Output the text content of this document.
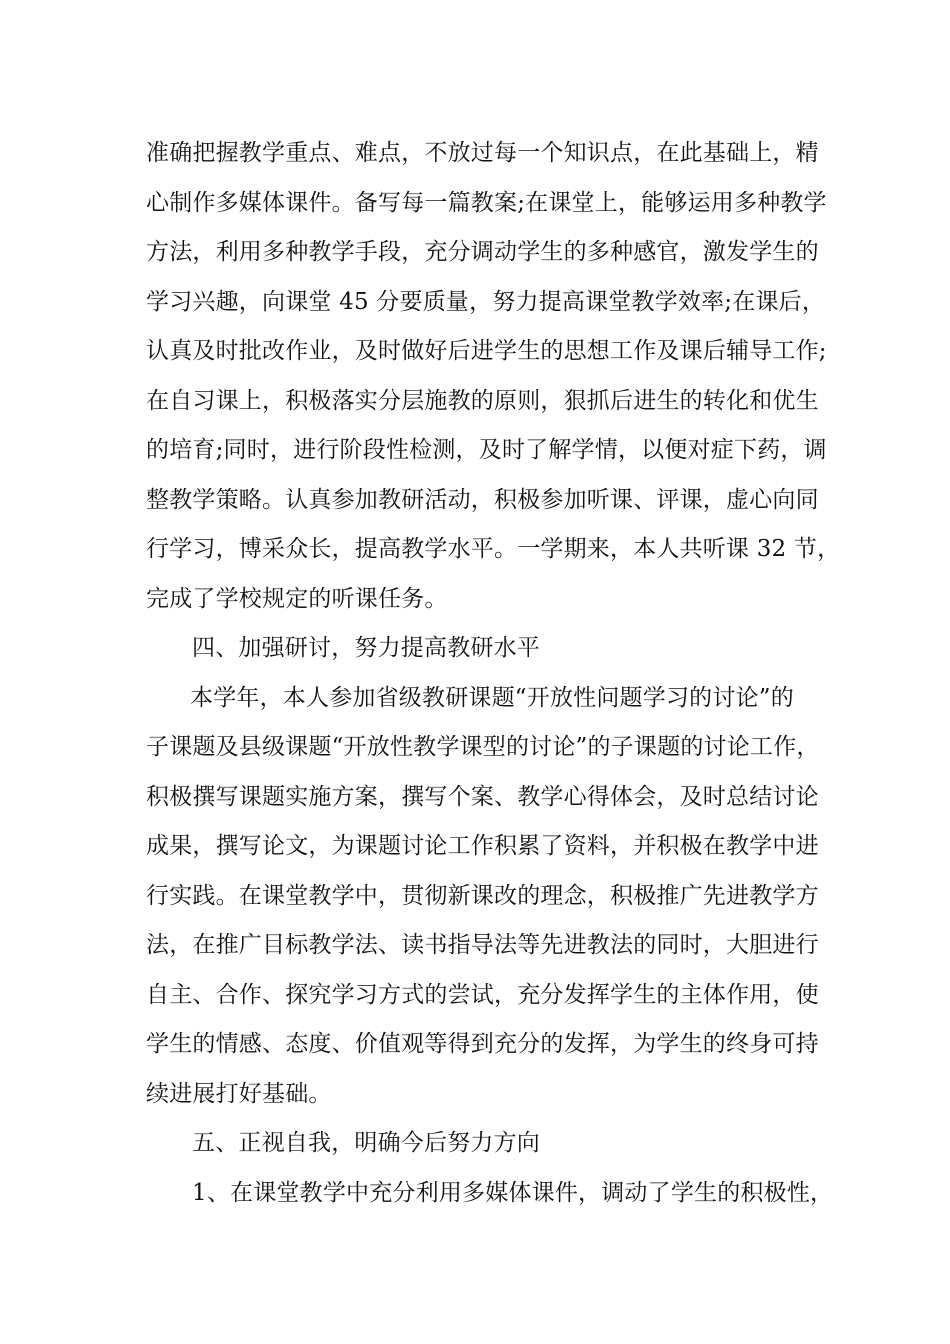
准确把握教学重点、难点，不放过每一个知识点，在此基础上，精
心制作多媒体课件。备写每一篇教案;在课堂上，能够运用多种教学
方法，利用多种教学手段，充分调动学生的多种感官，激发学生的
学习兴趣，向课堂 45 分要质量，努力提高课堂教学效率;在课后，
认真及时批改作业，及时做好后进学生的思想工作及课后辅导工作;
在自习课上，积极落实分层施教的原则，狠抓后进生的转化和优生
的培育;同时，进行阶段性检测，及时了解学情，以便对症下药，调
整教学策略。认真参加教研活动，积极参加听课、评课，虚心向同
行学习，博采众长，提高教学水平。一学期来，本人共听课 32 节，
完成了学校规定的听课任务。
四、加强研讨，努力提高教研水平
本学年，本人参加省级教研课题“开放性问题学习的讨论”的
子课题及县级课题“开放性教学课型的讨论”的子课题的讨论工作，
积极撰写课题实施方案，撰写个案、教学心得体会，及时总结讨论
成果，撰写论文，为课题讨论工作积累了资料，并积极在教学中进
行实践。在课堂教学中，贯彻新课改的理念，积极推广先进教学方
法，在推广目标教学法、读书指导法等先进教法的同时，大胆进行
自主、合作、探究学习方式的尝试，充分发挥学生的主体作用，使
学生的情感、态度、价值观等得到充分的发挥，为学生的终身可持
续进展打好基础。
五、正视自我，明确今后努力方向
1、在课堂教学中充分利用多媒体课件，调动了学生的积极性，
